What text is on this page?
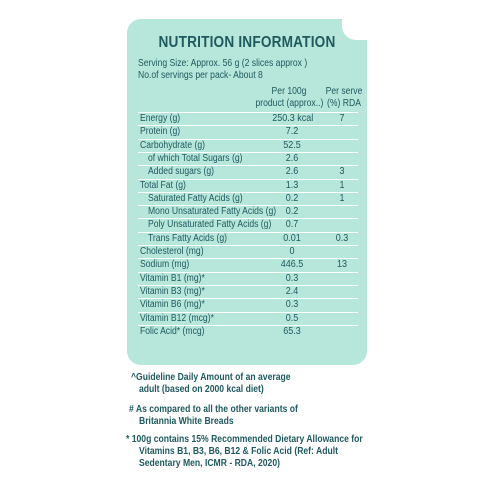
NUTRITION INFORMATION
Serving Size: Approx. 56 g (2 slices approx )
No.of servings per pack- About 8
Per 100g
product (approx..)
Per serve
(%) RDA
Energy (g)	250.3 kcal	7
Protein (g)	7.2
Carbohydrate (g)	52.5
of which Total Sugars (g)	2.6
Added sugars (g)	2.6	3
Total Fat (g)	1.3	1
Saturated Fatty Acids (g)	0.2	1
Mono Unsaturated Fatty Acids (g) 0.2
Poly Unsaturated Fatty Acids (g)	0.7
Trans Fatty Acids (g)	0.01	0.3
Cholesterol (mg)	0
Sodium (mg)	446.5	13
Vitamin B1 (mg)*	0.3
Vitamin B3 (mg)*	2.4
Vitamin B6 (mg)*	0.3
Vitamin B12 (mcg)*	0.5
Folic Acid* (mcg)	65.3
^Guideline Daily Amount of an average
adult (based on 2000 kcal diet)
# As compared to all the other variants of
Britannia White Breads
* 100g contains 15% Recommended Dietary Allowance for
Vitamins B1, B3, B6, B12 & Folic Acid (Ref: Adult
Sedentary Men, ICMR - RDA, 2020)
